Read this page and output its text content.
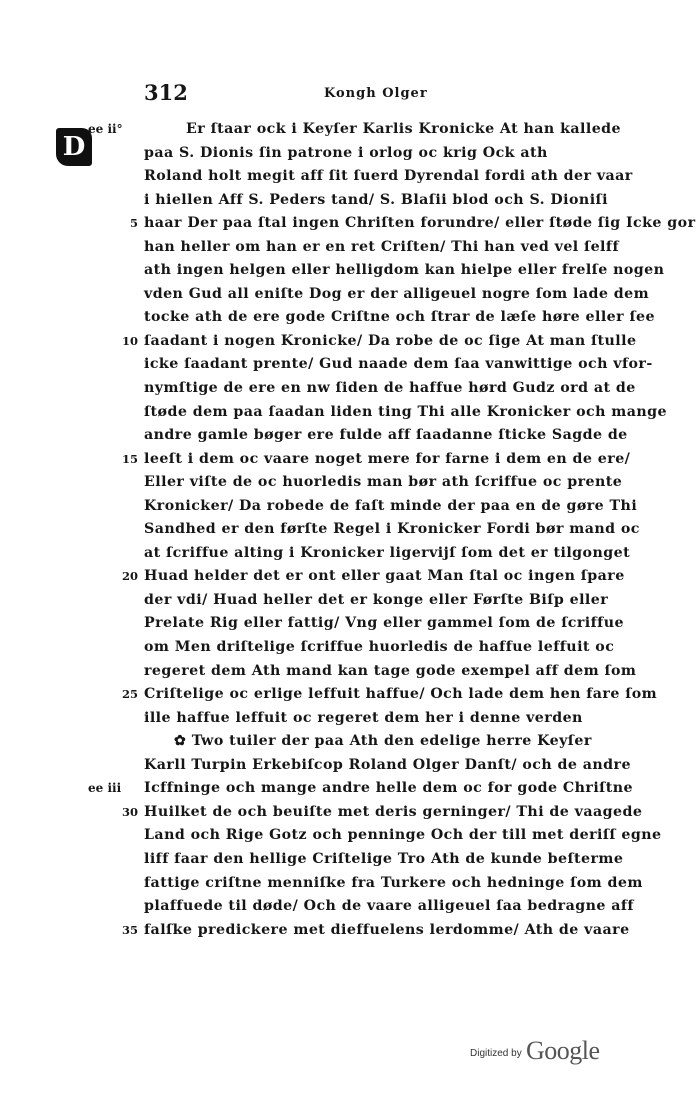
312	Kongh Olger
D
ee ii°	Er ſtaar ock i Keyſer Karlis Kronicke At han kallede
paa S. Dionis ſin patrone i orlog oc krig Ock ath
Roland holt megit aff ſit ſuerd Dyrendal fordi ath der vaar
i hiellen Aff S. Peders tand/ S. Blaſii blod och S. Dioniſi
5 haar Der paa ſtal ingen Chriſten forundre/ eller ſtøde ſig Icke gor
han heller om han er en ret Criſten/ Thi han ved vel ſelff
ath ingen helgen eller helligdom kan hielpe eller frelſe nogen
vden Gud all eniſte Dog er der alligeuel nogre ſom lade dem
tocke ath de ere gode Criſtne och ſtrar de læſe høre eller ſee
10 ſaadant i nogen Kronicke/ Da robe de oc ſige At man ſtulle
icke ſaadant prente/ Gud naade dem ſaa vanwittige och vfor-
nymſtige de ere en nw ſiden de haffue hørd Gudz ord at de
ſtøde dem paa ſaadan liden ting Thi alle Kronicker och mange
andre gamle bøger ere fulde aff ſaadanne ſticke Sagde de
15 leeſt i dem oc vaare noget mere for farne i dem en de ere/
Eller viſte de oc huorledis man bør ath ſcriffue oc prente
Kronicker/ Da robede de faſt minde der paa en de gøre Thi
Sandhed er den førſte Regel i Kronicker Fordi bør mand oc
at ſcriffue alting i Kronicker ligervijſ ſom det er tilgonget
20 Huad helder det er ont eller gaat Man ſtal oc ingen ſpare
der vdi/ Huad heller det er konge eller Førſte Biſp eller
Prelate Rig eller fattig/ Vng eller gammel ſom de ſcriffue
om Men driſtelige ſcriffue huorledis de haffue leffuit oc
regeret dem Ath mand kan tage gode exempel aff dem ſom
25 Criſtelige oc erlige leffuit haffue/ Och lade dem hen fare ſom
ille haffue leffuit oc regeret dem her i denne verden
✿ Two tuiler der paa Ath den edelige herre Keyſer
Karll Turpin Erkebiſcop Roland Olger Danſt/ och de andre
ee iii	Icffninge och mange andre helle dem oc for gode Chriſtne
30 Huilket de och beuiſte met deris gerninger/ Thi de vaagede
Land och Rige Gotz och penninge Och der till met deriſſ egne
liff faar den hellige Criſtelige Tro Ath de kunde beſterme
fattige criſtne menniſke fra Turkere och hedninge ſom dem
plaffuede til døde/ Och de vaare alligeuel ſaa bedragne aff
35 falſke predickere met dieffuelens lerdomme/ Ath de vaare
Digitized by Google
